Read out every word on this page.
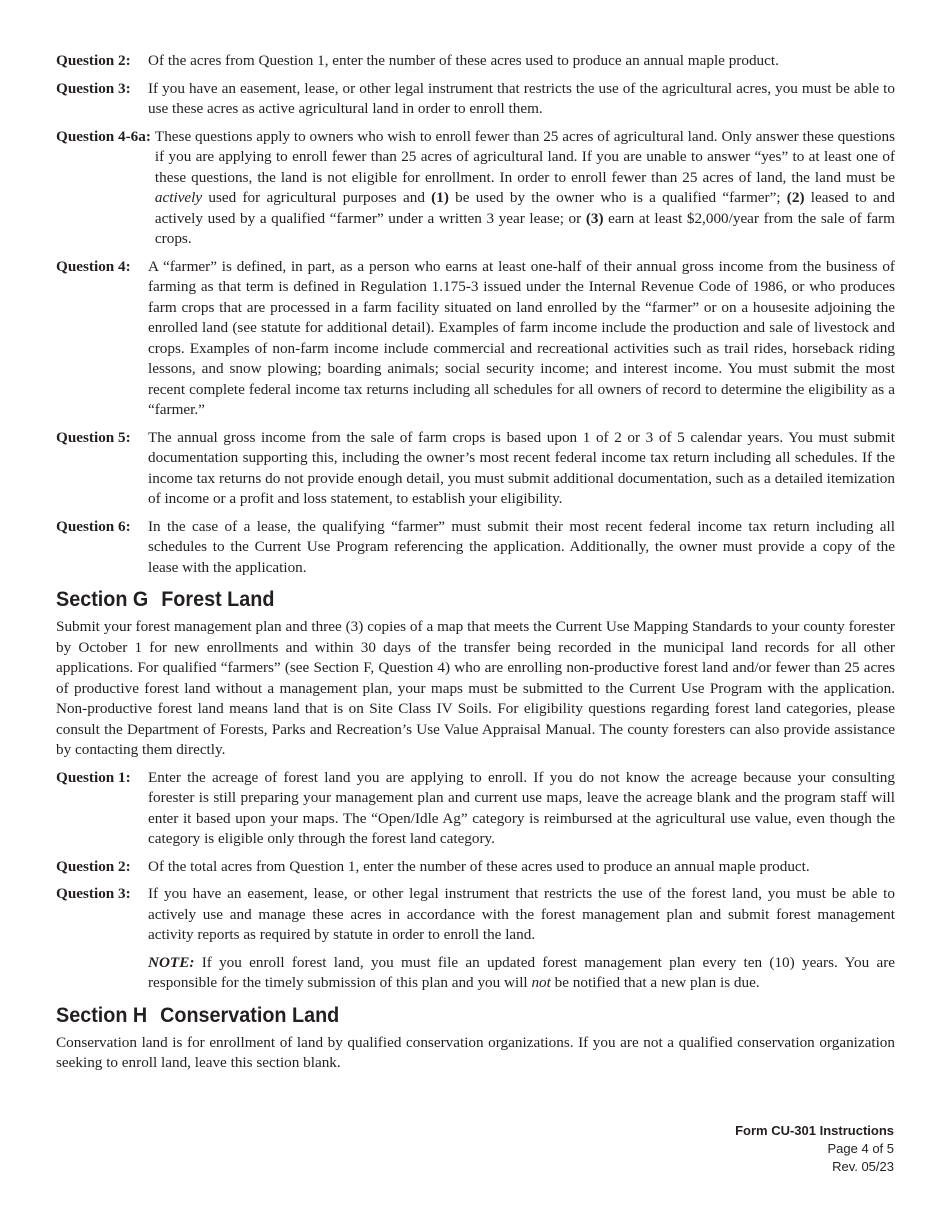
Question 2:	Of the acres from Question 1, enter the number of these acres used to produce an annual maple product.
Question 3:	If you have an easement, lease, or other legal instrument that restricts the use of the agricultural acres, you must be able to use these acres as active agricultural land in order to enroll them.
Question 4-6a: These questions apply to owners who wish to enroll fewer than 25 acres of agricultural land. Only answer these questions if you are applying to enroll fewer than 25 acres of agricultural land. If you are unable to answer “yes” to at least one of these questions, the land is not eligible for enrollment. In order to enroll fewer than 25 acres of land, the land must be actively used for agricultural purposes and (1) be used by the owner who is a qualified “farmer”; (2) leased to and actively used by a qualified “farmer” under a written 3 year lease; or (3) earn at least $2,000/year from the sale of farm crops.
Question 4:	A “farmer” is defined, in part, as a person who earns at least one-half of their annual gross income from the business of farming as that term is defined in Regulation 1.175-3 issued under the Internal Revenue Code of 1986, or who produces farm crops that are processed in a farm facility situated on land enrolled by the “farmer” or on a housesite adjoining the enrolled land (see statute for additional detail). Examples of farm income include the production and sale of livestock and crops. Examples of non-farm income include commercial and recreational activities such as trail rides, horseback riding lessons, and snow plowing; boarding animals; social security income; and interest income. You must submit the most recent complete federal income tax returns including all schedules for all owners of record to determine the eligibility as a “farmer.”
Question 5:	The annual gross income from the sale of farm crops is based upon 1 of 2 or 3 of 5 calendar years. You must submit documentation supporting this, including the owner’s most recent federal income tax return including all schedules. If the income tax returns do not provide enough detail, you must submit additional documentation, such as a detailed itemization of income or a profit and loss statement, to establish your eligibility.
Question 6:	In the case of a lease, the qualifying “farmer” must submit their most recent federal income tax return including all schedules to the Current Use Program referencing the application. Additionally, the owner must provide a copy of the lease with the application.
Section G Forest Land

Submit your forest management plan and three (3) copies of a map that meets the Current Use Mapping Standards to your county forester by October 1 for new enrollments and within 30 days of the transfer being recorded in the municipal land records for all other applications. For qualified “farmers” (see Section F, Question 4) who are enrolling non-productive forest land and/or fewer than 25 acres of productive forest land without a management plan, your maps must be submitted to the Current Use Program with the application. Non-productive forest land means land that is on Site Class IV Soils. For eligibility questions regarding forest land categories, please consult the Department of Forests, Parks and Recreation’s Use Value Appraisal Manual. The county foresters can also provide assistance by contacting them directly.

Question 1:	Enter the acreage of forest land you are applying to enroll. If you do not know the acreage because your consulting forester is still preparing your management plan and current use maps, leave the acreage blank and the program staff will enter it based upon your maps. The “Open/Idle Ag” category is reimbursed at the agricultural use value, even though the category is eligible only through the forest land category.
Question 2:	Of the total acres from Question 1, enter the number of these acres used to produce an annual maple product.
Question 3:	If you have an easement, lease, or other legal instrument that restricts the use of the forest land, you must be able to actively use and manage these acres in accordance with the forest management plan and submit forest management activity reports as required by statute in order to enroll the land.

NOTE: If you enroll forest land, you must file an updated forest management plan every ten (10) years. You are responsible for the timely submission of this plan and you will not be notified that a new plan is due.

Section H Conservation Land

Conservation land is for enrollment of land by qualified conservation organizations. If you are not a qualified conservation organization seeking to enroll land, leave this section blank.

Form CU-301 Instructions
Page 4 of 5
Rev. 05/23
